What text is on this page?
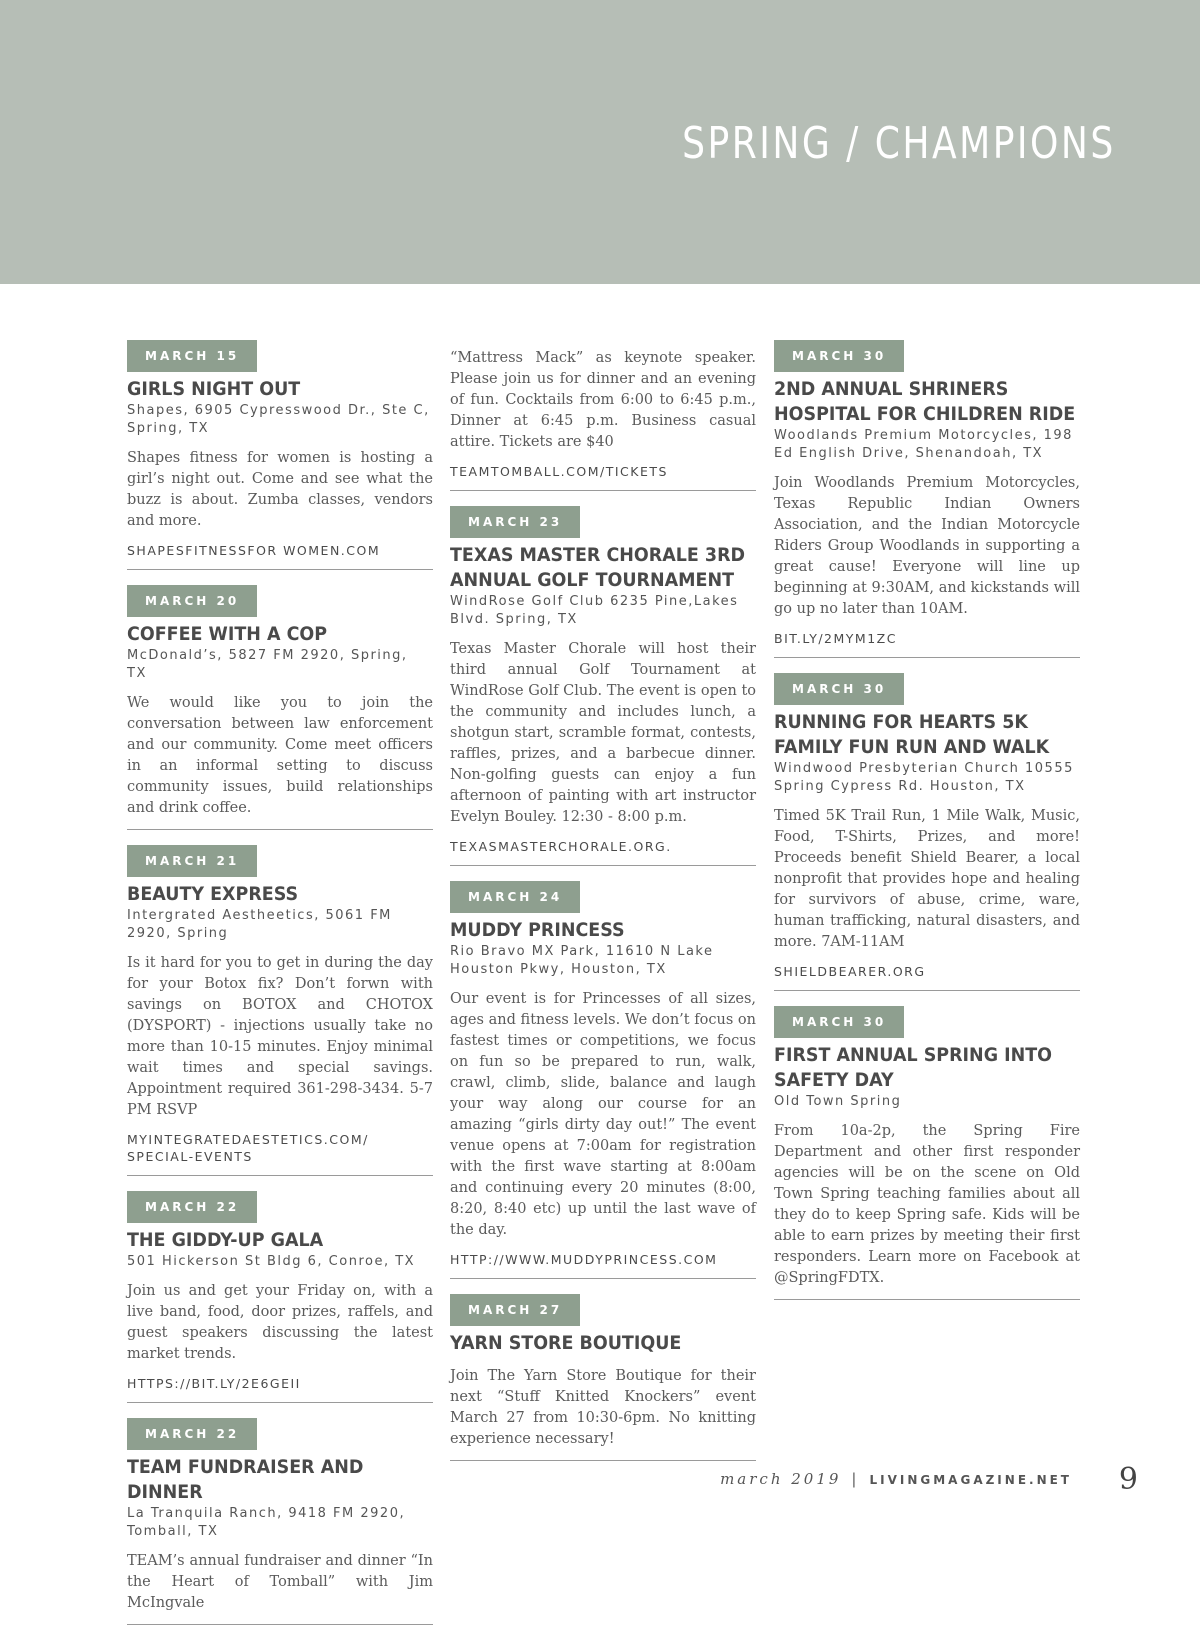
SPRING / CHAMPIONS
MARCH 15
GIRLS NIGHT OUT
Shapes, 6905 Cypresswood Dr., Ste C, Spring, TX
Shapes fitness for women is hosting a girl’s night out. Come and see what the buzz is about. Zumba classes, vendors and more.
SHAPESFITNESSFOR WOMEN.COM
MARCH 20
COFFEE WITH A COP
McDonald’s, 5827 FM 2920, Spring, TX
We would like you to join the conversation between law enforcement and our community. Come meet officers in an informal setting to discuss community issues, build relationships and drink coffee.
MARCH 21
BEAUTY EXPRESS
Intergrated Aestheetics, 5061 FM 2920, Spring
Is it hard for you to get in during the day for your Botox fix? Don’t forwn with savings on BOTOX and CHOTOX (DYSPORT) - injections usually take no more than 10-15 minutes. Enjoy minimal wait times and special savings. Appointment required 361-298-3434. 5-7 PM RSVP
MYINTEGRATEDAESTETICS.COM/ SPECIAL-EVENTS
MARCH 22
THE GIDDY-UP GALA
501 Hickerson St Bldg 6, Conroe, TX
Join us and get your Friday on, with a live band, food, door prizes, raffels, and guest speakers discussing the latest market trends.
HTTPS://BIT.LY/2E6GEII
MARCH 22
TEAM FUNDRAISER AND DINNER
La Tranquila Ranch, 9418 FM 2920, Tomball, TX
TEAM’s annual fundraiser and dinner “In the Heart of Tomball” with Jim McIngvale
“Mattress Mack” as keynote speaker. Please join us for dinner and an evening of fun. Cocktails from 6:00 to 6:45 p.m., Dinner at 6:45 p.m. Business casual attire. Tickets are $40
TEAMTOMBALL.COM/TICKETS
MARCH 23
TEXAS MASTER CHORALE 3RD ANNUAL GOLF TOURNAMENT
WindRose Golf Club 6235 Pine,Lakes Blvd. Spring, TX
Texas Master Chorale will host their third annual Golf Tournament at WindRose Golf Club. The event is open to the community and includes lunch, a shotgun start, scramble format, contests, raffles, prizes, and a barbecue dinner. Non-golfing guests can enjoy a fun afternoon of painting with art instructor Evelyn Bouley. 12:30 - 8:00 p.m.
TEXASMASTERCHORALE.ORG.
MARCH 24
MUDDY PRINCESS
Rio Bravo MX Park, 11610 N Lake Houston Pkwy, Houston, TX
Our event is for Princesses of all sizes, ages and fitness levels. We don’t focus on fastest times or competitions, we focus on fun so be prepared to run, walk, crawl, climb, slide, balance and laugh your way along our course for an amazing “girls dirty day out!” The event venue opens at 7:00am for registration with the first wave starting at 8:00am and continuing every 20 minutes (8:00, 8:20, 8:40 etc) up until the last wave of the day.
HTTP://WWW.MUDDYPRINCESS.COM
MARCH 27
YARN STORE BOUTIQUE
Join The Yarn Store Boutique for their next “Stuff Knitted Knockers” event March 27 from 10:30-6pm. No knitting experience necessary!
MARCH 30
2ND ANNUAL SHRINERS HOSPITAL FOR CHILDREN RIDE
Woodlands Premium Motorcycles, 198 Ed English Drive, Shenandoah, TX
Join Woodlands Premium Motorcycles, Texas Republic Indian Owners Association, and the Indian Motorcycle Riders Group Woodlands in supporting a great cause! Everyone will line up beginning at 9:30AM, and kickstands will go up no later than 10AM.
BIT.LY/2MYM1ZC
MARCH 30
RUNNING FOR HEARTS 5K FAMILY FUN RUN AND WALK
Windwood Presbyterian Church 10555 Spring Cypress Rd. Houston, TX
Timed 5K Trail Run, 1 Mile Walk, Music, Food, T-Shirts, Prizes, and more! Proceeds benefit Shield Bearer, a local nonprofit that provides hope and healing for survivors of abuse, crime, ware, human trafficking, natural disasters, and more. 7AM-11AM
SHIELDBEARER.ORG
MARCH 30
FIRST ANNUAL SPRING INTO SAFETY DAY
Old Town Spring
From 10a-2p, the Spring Fire Department and other first responder agencies will be on the scene on Old Town Spring teaching families about all they do to keep Spring safe. Kids will be able to earn prizes by meeting their first responders. Learn more on Facebook at @SpringFDTX.
march 2019 | LIVINGMAGAZINE.NET 9
